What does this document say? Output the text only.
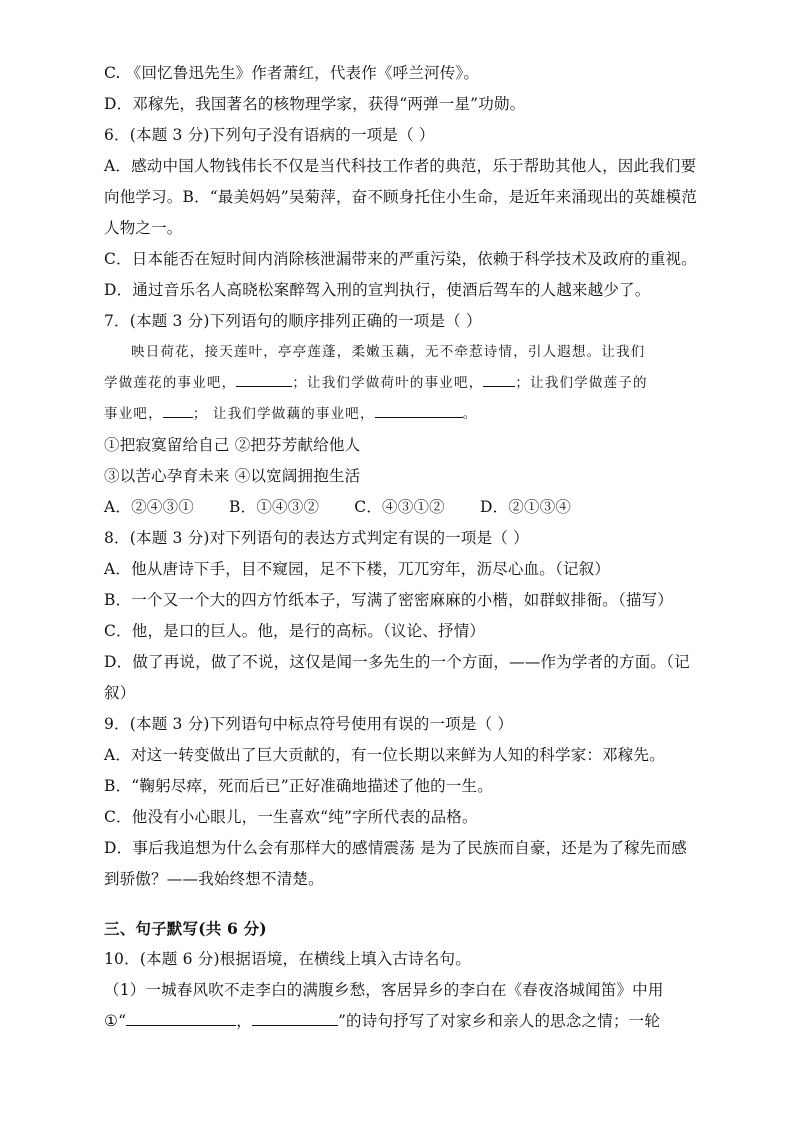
C. 《回忆鲁迅先生》作者萧红，代表作《呼兰河传》。
D．邓稼先，我国著名的核物理学家，获得“两弹一星”功勋。
6．(本题 3 分)下列句子没有语病的一项是（ ）
A．感动中国人物钱伟长不仅是当代科技工作者的典范，乐于帮助其他人，因此我们要向他学习。B．“最美妈妈”吴菊萍，奋不顾身托住小生命，是近年来涌现出的英雄模范人物之一。
C．日本能否在短时间内消除核泄漏带来的严重污染，依赖于科学技术及政府的重视。
D．通过音乐名人高晓松案醉驾入刑的宣判执行，使酒后驾车的人越来越少了。
7．(本题 3 分)下列语句的顺序排列正确的一项是（ ）
映日荷花，接天莲叶，亭亭莲蓬，柔嫩玉藕，无不牵惹诗情，引人遐想。让我们
学做莲花的事业吧，	；让我们学做荷叶的事业吧， ；让我们学做莲子的
事业吧， ； 让我们学做藕的事业吧，	。
①把寂寞留给自己 ②把芬芳献给他人
③以苦心孕育未来 ④以宽阔拥抱生活
A．②④③① B．①④③② C．④③①② D．②①③④
8．(本题 3 分)对下列语句的表达方式判定有误的一项是（ ）
A．他从唐诗下手，目不窥园，足不下楼，兀兀穷年，沥尽心血。（记叙）
B．一个又一个大的四方竹纸本子，写满了密密麻麻的小楷，如群蚁排衙。（描写）
C．他，是口的巨人。他，是行的高标。（议论、抒情）
D．做了再说，做了不说，这仅是闻一多先生的一个方面，——作为学者的方面。（记叙）
9．(本题 3 分)下列语句中标点符号使用有误的一项是（ ）
A．对这一转变做出了巨大贡献的，有一位长期以来鲜为人知的科学家：邓稼先。
B．“鞠躬尽瘁，死而后已”正好准确地描述了他的一生。
C．他没有小心眼儿，一生喜欢“纯”字所代表的品格。
D．事后我追想为什么会有那样大的感情震荡 是为了民族而自豪，还是为了稼先而感到骄傲？——我始终想不清楚。
三、句子默写(共 6 分)
10．(本题 6 分)根据语境，在横线上填入古诗名句。
（1）一城春风吹不走李白的满腹乡愁，客居异乡的李白在《春夜洛城闻笛》中用
①“	，	”的诗句抒写了对家乡和亲人的思念之情；一轮
